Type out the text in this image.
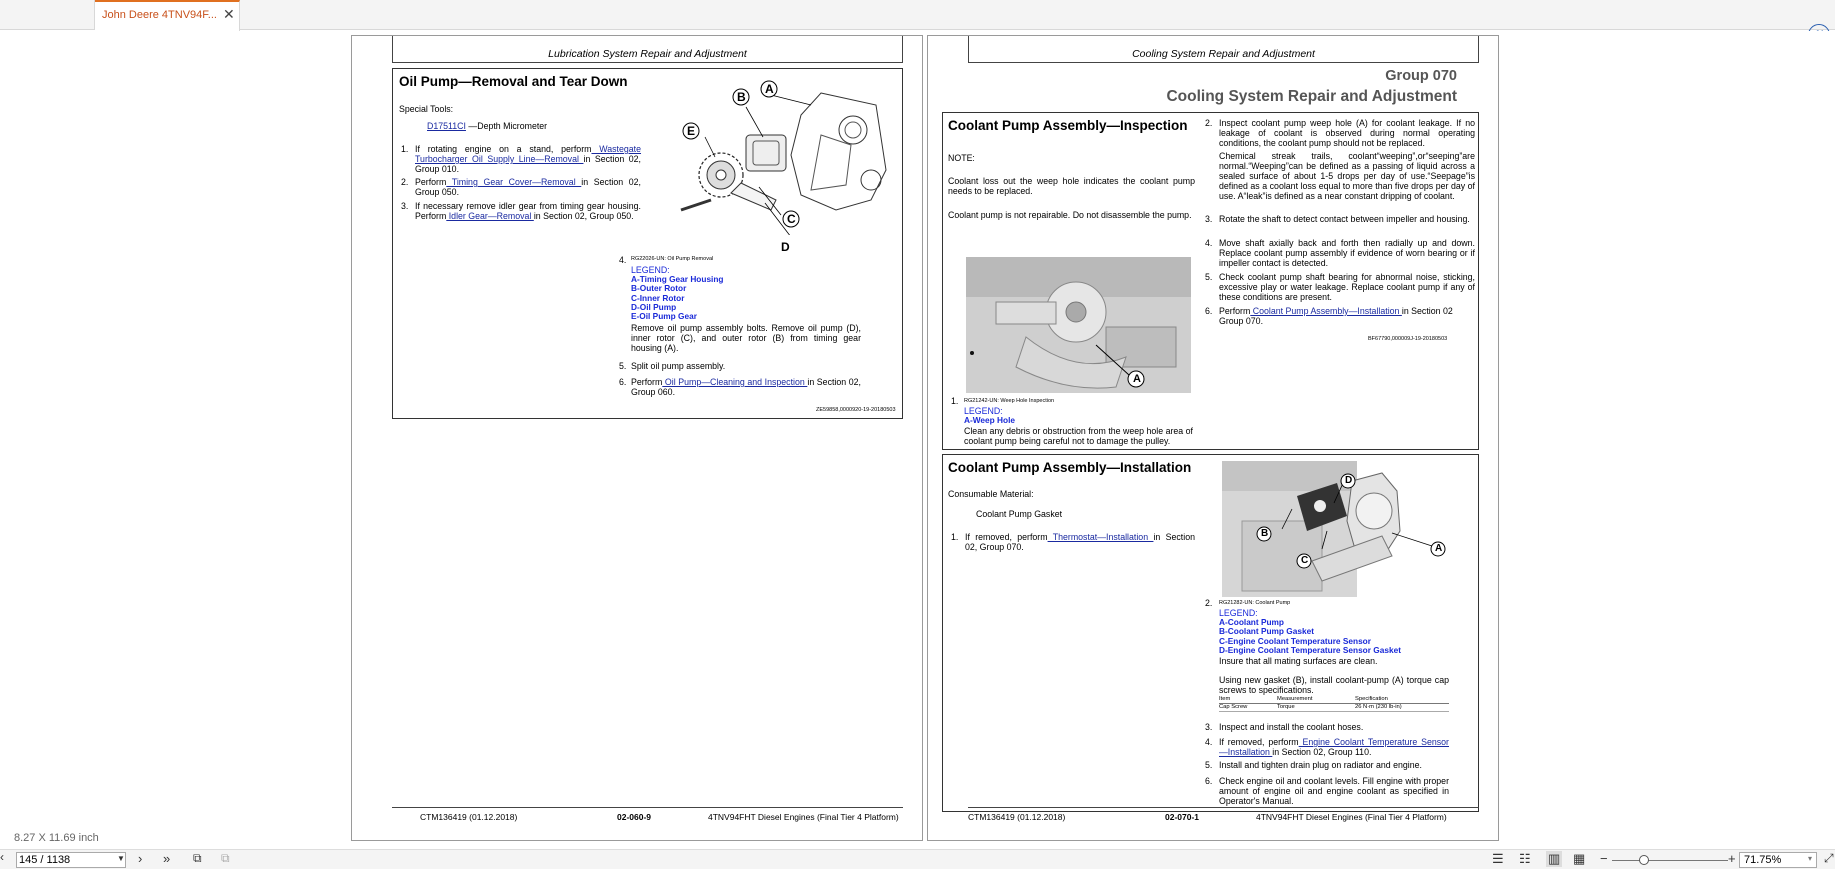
John Deere 4TNV94F... ✕
Lubrication System Repair and Adjustment
Oil Pump—Removal and Tear Down
Special Tools:
D17511CI —Depth Micrometer
1. If rotating engine on a stand, perform Wastegate Turbocharger Oil Supply Line—Removal in Section 02, Group 010.
2. Perform Timing Gear Cover—Removal in Section 02, Group 050.
3. If necessary remove idler gear from timing gear housing. Perform Idler Gear—Removal in Section 02, Group 050.
A
B
E
C
D
4. RG22026-UN: Oil Pump Removal
LEGEND:
A-Timing Gear Housing
B-Outer Rotor
C-Inner Rotor
D-Oil Pump
E-Oil Pump Gear
Remove oil pump assembly bolts. Remove oil pump (D), inner rotor (C), and outer rotor (B) from timing gear housing (A).
5. Split oil pump assembly.
6. Perform Oil Pump—Cleaning and Inspection in Section 02, Group 060.
ZE59858,0000920-19-20180503
CTM136419 (01.12.2018)	02-060-9	4TNV94FHT Diesel Engines (Final Tier 4 Platform)
Cooling System Repair and Adjustment
Group 070
Cooling System Repair and Adjustment
Coolant Pump Assembly—Inspection
NOTE:
Coolant loss out the weep hole indicates the coolant pump needs to be replaced.
Coolant pump is not repairable. Do not disassemble the pump.
A
1. RG21242-UN: Weep Hole Inspection
LEGEND:
A-Weep Hole
Clean any debris or obstruction from the weep hole area of coolant pump being careful not to damage the pulley.
2. Inspect coolant pump weep hole (A) for coolant leakage. If no leakage of coolant is observed during normal operating conditions, the coolant pump should not be replaced.
Chemical streak trails, coolant“weeping”,or“seeping”are normal.“Weeping”can be defined as a passing of liquid across a sealed surface of about 1-5 drops per day of use.“Seepage”is defined as a coolant loss equal to more than five drops per day of use. A“leak”is defined as a near constant dripping of coolant.
3. Rotate the shaft to detect contact between impeller and housing.
4. Move shaft axially back and forth then radially up and down. Replace coolant pump assembly if evidence of worn bearing or if impeller contact is detected.
5. Check coolant pump shaft bearing for abnormal noise, sticking, excessive play or water leakage. Replace coolant pump if any of these conditions are present.
6. Perform Coolant Pump Assembly—Installation in Section 02 Group 070.
BF67790,000009J-19-20180503
Coolant Pump Assembly—Installation
Consumable Material:
Coolant Pump Gasket
1. If removed, perform Thermostat—Installation in Section 02, Group 070.
B
C
D
A
2. RG21282-UN: Coolant Pump
LEGEND:
A-Coolant Pump
B-Coolant Pump Gasket
C-Engine Coolant Temperature Sensor
D-Engine Coolant Temperature Sensor Gasket
Insure that all mating surfaces are clean.
Using new gasket (B), install coolant-pump (A) torque cap screws to specifications.
Item	Measurement	Specification
Cap Screw	Torque	26 N·m (230 lb-in)
3. Inspect and install the coolant hoses.
4. If removed, perform Engine Coolant Temperature Sensor—Installation in Section 02, Group 110.
5. Install and tighten drain plug on radiator and engine.
6. Check engine oil and coolant levels. Fill engine with proper amount of engine oil and engine coolant as specified in Operator's Manual.
CTM136419 (01.12.2018)	02-070-1	4TNV94FHT Diesel Engines (Final Tier 4 Platform)
8.27 X 11.69 inch
‹ 145 / 1138	▼ › » ⧉ ⧉	☰ ☷ ▥ ▦ −	+ 71.75%	▾ ⤢
